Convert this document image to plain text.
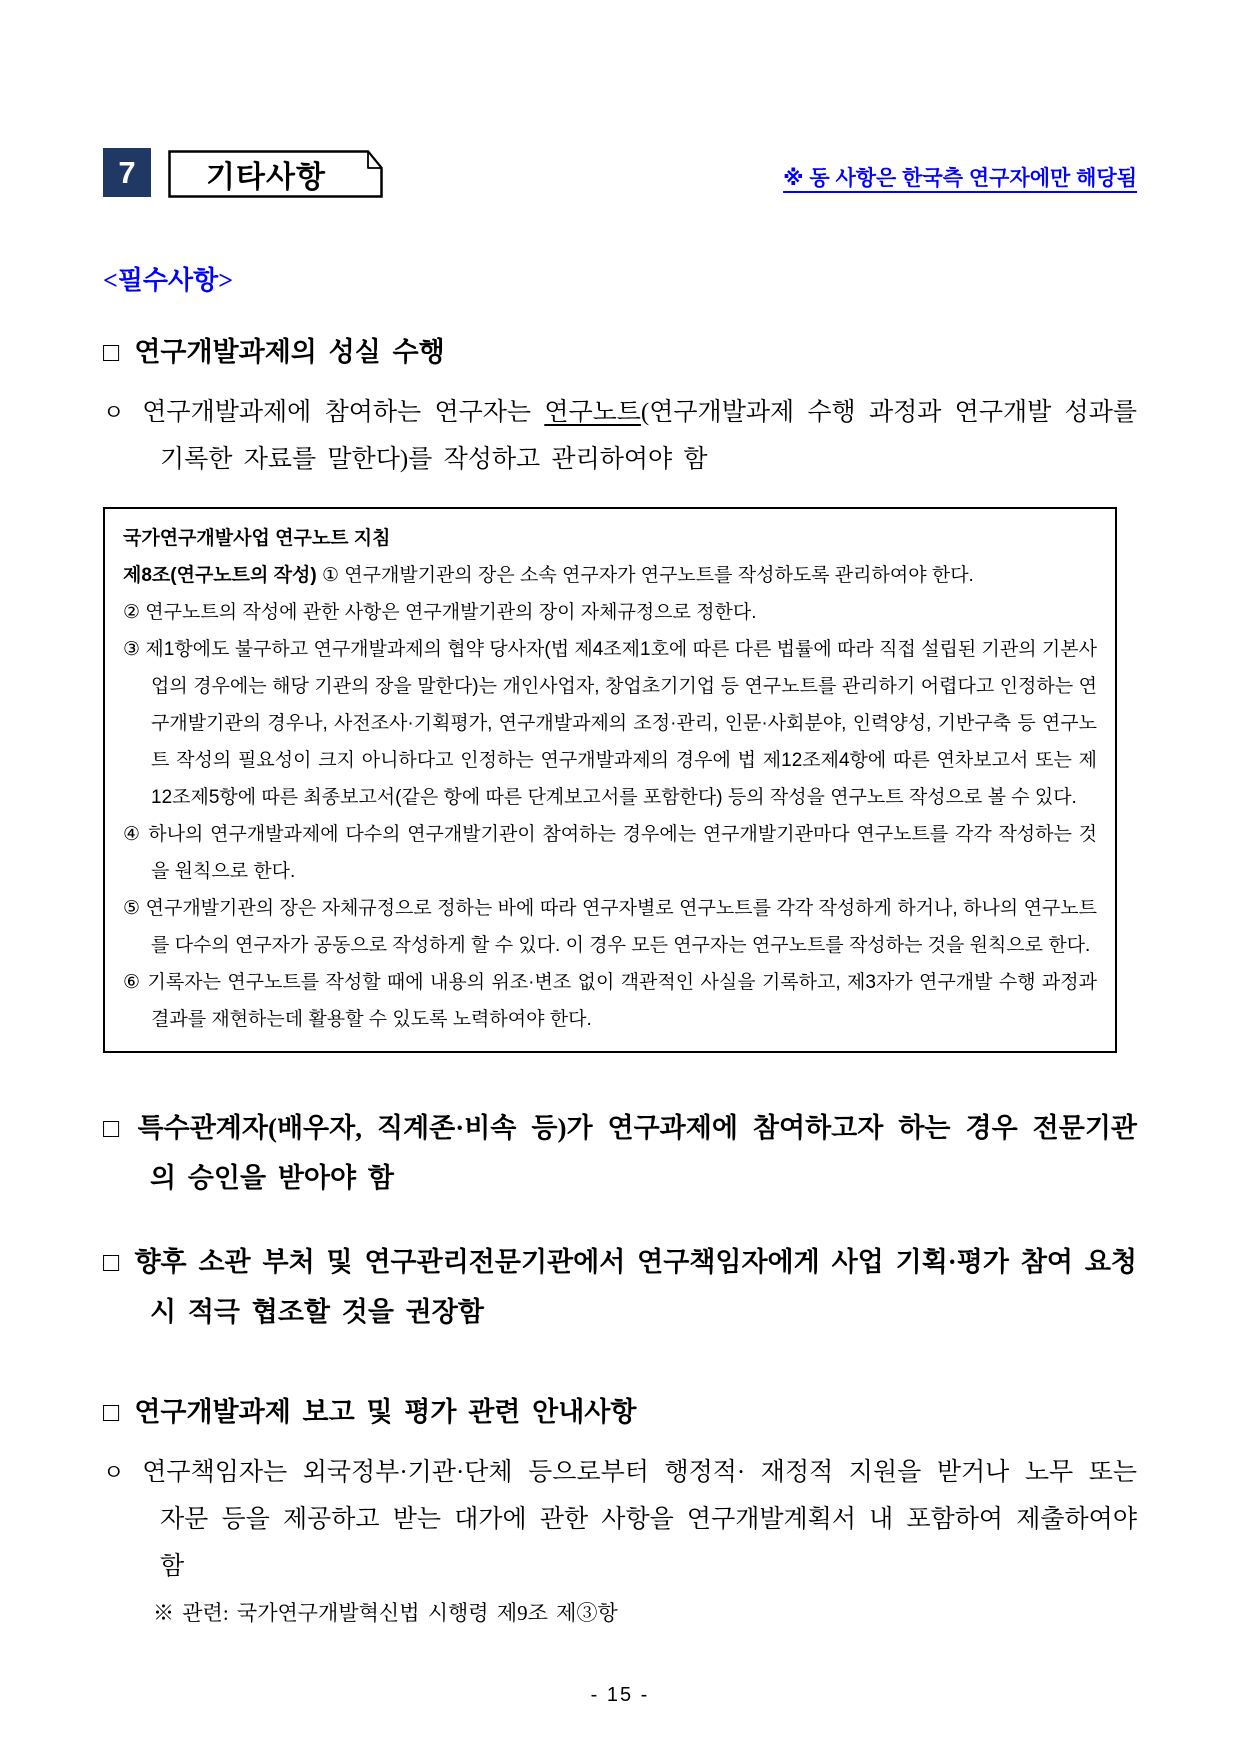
7	기타사항	※ 동 사항은 한국측 연구자에만 해당됨
<필수사항>
□ 연구개발과제의 성실 수행
ㅇ 연구개발과제에 참여하는 연구자는 연구노트(연구개발과제 수행 과정과 연구개발 성과를 기록한 자료를 말한다)를 작성하고 관리하여야 함
국가연구개발사업 연구노트 지침
제8조(연구노트의 작성) ① 연구개발기관의 장은 소속 연구자가 연구노트를 작성하도록 관리하여야 한다.
② 연구노트의 작성에 관한 사항은 연구개발기관의 장이 자체규정으로 정한다.
③ 제1항에도 불구하고 연구개발과제의 협약 당사자(법 제4조제1호에 따른 다른 법률에 따라 직접 설립된 기관의 기본사업의 경우에는 해당 기관의 장을 말한다)는 개인사업자, 창업초기기업 등 연구노트를 관리하기 어렵다고 인정하는 연구개발기관의 경우나, 사전조사·기획평가, 연구개발과제의 조정·관리, 인문·사회분야, 인력양성, 기반구축 등 연구노트 작성의 필요성이 크지 아니하다고 인정하는 연구개발과제의 경우에 법 제12조제4항에 따른 연차보고서 또는 제12조제5항에 따른 최종보고서(같은 항에 따른 단계보고서를 포함한다) 등의 작성을 연구노트 작성으로 볼 수 있다.
④ 하나의 연구개발과제에 다수의 연구개발기관이 참여하는 경우에는 연구개발기관마다 연구노트를 각각 작성하는 것을 원칙으로 한다.
⑤ 연구개발기관의 장은 자체규정으로 정하는 바에 따라 연구자별로 연구노트를 각각 작성하게 하거나, 하나의 연구노트를 다수의 연구자가 공동으로 작성하게 할 수 있다. 이 경우 모든 연구자는 연구노트를 작성하는 것을 원칙으로 한다.
⑥ 기록자는 연구노트를 작성할 때에 내용의 위조·변조 없이 객관적인 사실을 기록하고, 제3자가 연구개발 수행 과정과 결과를 재현하는데 활용할 수 있도록 노력하여야 한다.
□ 특수관계자(배우자, 직계존·비속 등)가 연구과제에 참여하고자 하는 경우 전문기관의 승인을 받아야 함
□ 향후 소관 부처 및 연구관리전문기관에서 연구책임자에게 사업 기획·평가 참여 요청 시 적극 협조할 것을 권장함
□ 연구개발과제 보고 및 평가 관련 안내사항
ㅇ 연구책임자는 외국정부·기관·단체 등으로부터 행정적· 재정적 지원을 받거나 노무 또는 자문 등을 제공하고 받는 대가에 관한 사항을 연구개발계획서 내 포함하여 제출하여야 함
※ 관련: 국가연구개발혁신법 시행령 제9조 제③항
- 15 -
